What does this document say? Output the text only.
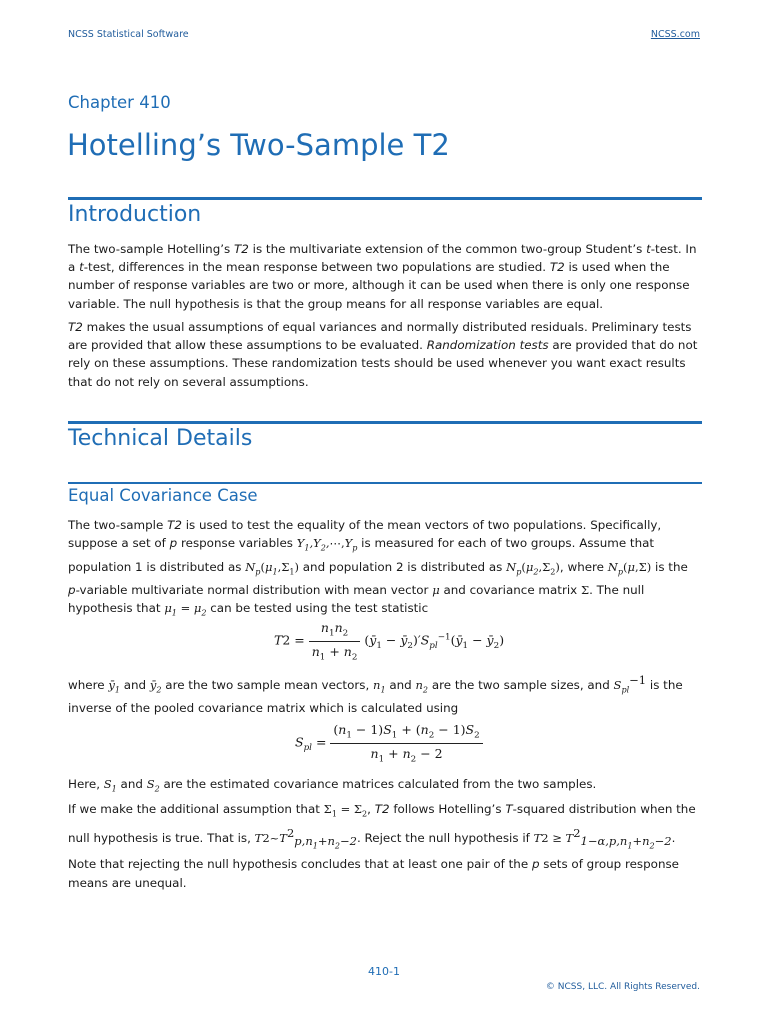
NCSS Statistical Software	NCSS.com
Chapter 410
Hotelling’s Two-Sample T2
Introduction
The two-sample Hotelling’s T2 is the multivariate extension of the common two-group Student’s t-test. In a t-test, differences in the mean response between two populations are studied. T2 is used when the number of response variables are two or more, although it can be used when there is only one response variable. The null hypothesis is that the group means for all response variables are equal.
T2 makes the usual assumptions of equal variances and normally distributed residuals. Preliminary tests are provided that allow these assumptions to be evaluated. Randomization tests are provided that do not rely on these assumptions. These randomization tests should be used whenever you want exact results that do not rely on several assumptions.
Technical Details
Equal Covariance Case
The two-sample T2 is used to test the equality of the mean vectors of two populations. Specifically, suppose a set of p response variables $Y_1,Y_2,\cdots,Y_p$ is measured for each of two groups. Assume that population 1 is distributed as $N_p(\mu_1,\Sigma_1)$ and population 2 is distributed as $N_p(\mu_2,\Sigma_2)$, where $N_p(\mu,\Sigma)$ is the p-variable multivariate normal distribution with mean vector μ and covariance matrix Σ. The null hypothesis that $\mu_1 = \mu_2$ can be tested using the test statistic
$T2 = \frac{n_1n_2}{n_1 + n_2}$ ($ȳ_1$ − $ȳ_2)'S_{pl}^{-1}(ȳ_1$ − $ȳ_2$)
where $ȳ_1$ and $ȳ_2$ are the two sample mean vectors, $n_1$ and $n_2$ are the two sample sizes, and $S_{pl}^{-1}$ is the inverse of the pooled covariance matrix which is calculated using
$S_{pl} = \frac{(n_1 - 1)S_1 + (n_2 - 1)S_2}{n_1 + n_2 - 2}$
Here, $S_1$ and $S_2$ are the estimated covariance matrices calculated from the two samples.
If we make the additional assumption that $\Sigma_1 = \Sigma_2$, T2 follows Hotelling’s T-squared distribution when the null hypothesis is true. That is, $T2\sim T^2_{p,n_1+n_2-2}$. Reject the null hypothesis if $T2 \ge T^2_{1-\alpha,p,n_1+n_2-2}$. Note that rejecting the null hypothesis concludes that at least one pair of the p sets of group response means are unequal.
410-1
© NCSS, LLC. All Rights Reserved.
